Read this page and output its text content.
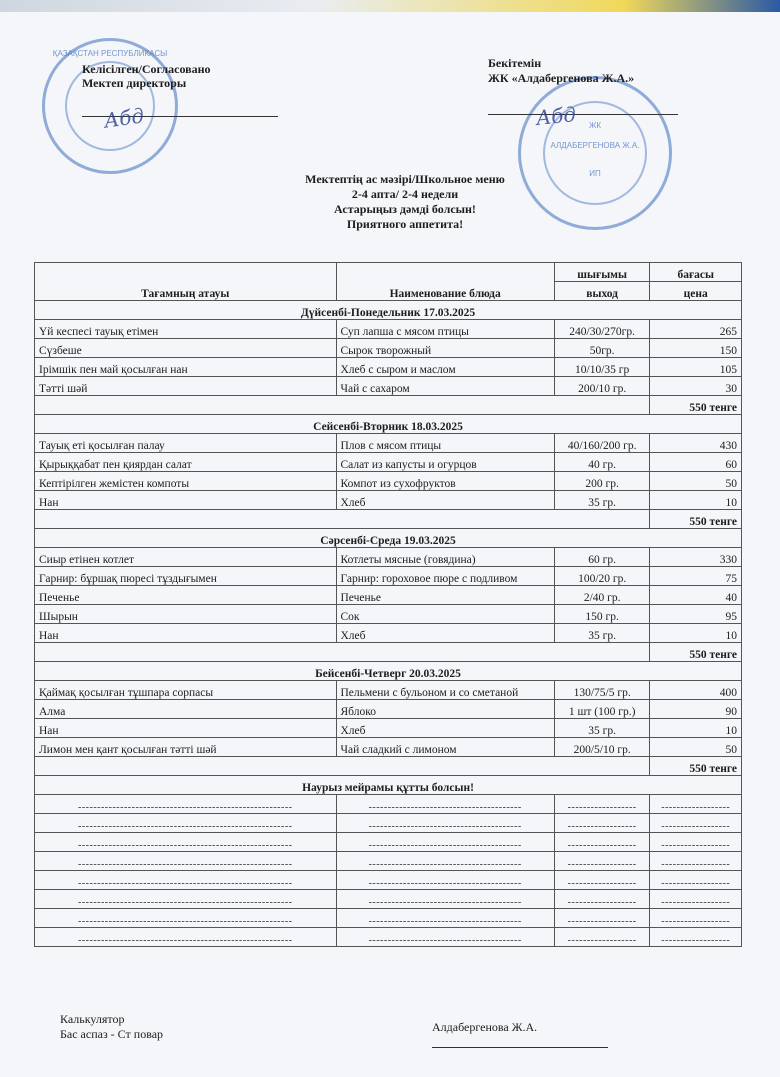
ҚАЗАҚСТАН РЕСПУБЛИКАСЫ
Келісілген/Согласовано
Мектеп директоры
Абд	ЖК
АЛДАБЕРГЕНОВА Ж.А.
ИП
Бекітемін
ЖК «Алдабергенова Ж.А.»
Абд
Мектептің ас мәзірі/Школьное меню
2-4 апта/ 2-4 недели
Астарыңыз дәмді болсын!
Приятного аппетита!
Тағамның атауы	Наименование блюда	шығымы	бағасы
		выход	цена
Дүйсенбі-Понедельник 17.03.2025			
Үй кеспесі тауық етімен	Суп лапша с мясом птицы	240/30/270гр.	265
Сүзбеше	Сырок творожный	50гр.	150
Ірімшік пен май қосылған нан	Хлеб с сыром и маслом	10/10/35 гр	105
Тәтті шәй	Чай с сахаром	200/10 гр.	30
			550 тенге
Сейсенбі-Вторник 18.03.2025			
Тауық еті қосылған палау	Плов с мясом птицы	40/160/200 гр.	430
Қырыққабат пен қиярдан салат	Салат из капусты и огурцов	40 гр.	60
Кептірілген жемістен компоты	Компот из сухофруктов	200 гр.	50
Нан	Хлеб	35 гр.	10
			550 тенге
Сәрсенбі-Среда 19.03.2025			
Сиыр етінен котлет	Котлеты мясные (говядина)	60 гр.	330
Гарнир: бұршақ пюресі тұздығымен	Гарнир: гороховое пюре с подливом	100/20 гр.	75
Печенье	Печенье	2/40 гр.	40
Шырын	Сок	150 гр.	95
Нан	Хлеб	35 гр.	10
			550 тенге
Бейсенбі-Четверг 20.03.2025			
Қаймақ қосылған тұшпара сорпасы	Пельмени с бульоном и со сметаной	130/75/5 гр.	400
Алма	Яблоко	1 шт (100 гр.)	90
Нан	Хлеб	35 гр.	10
Лимон мен қант қосылған тәтті шәй	Чай сладкий с лимоном	200/5/10 гр.	50
			550 тенге
Наурыз мейрамы құтты болсын!			
--------------------------------------------------------	----------------------------------------	------------------	------------------
--------------------------------------------------------	----------------------------------------	------------------	------------------
--------------------------------------------------------	----------------------------------------	------------------	------------------
--------------------------------------------------------	----------------------------------------	------------------	------------------
--------------------------------------------------------	----------------------------------------	------------------	------------------
--------------------------------------------------------	----------------------------------------	------------------	------------------
--------------------------------------------------------	----------------------------------------	------------------	------------------
--------------------------------------------------------	----------------------------------------	------------------	------------------
Калькулятор
Бас аспаз - Ст повар	Алдабергенова Ж.А.
